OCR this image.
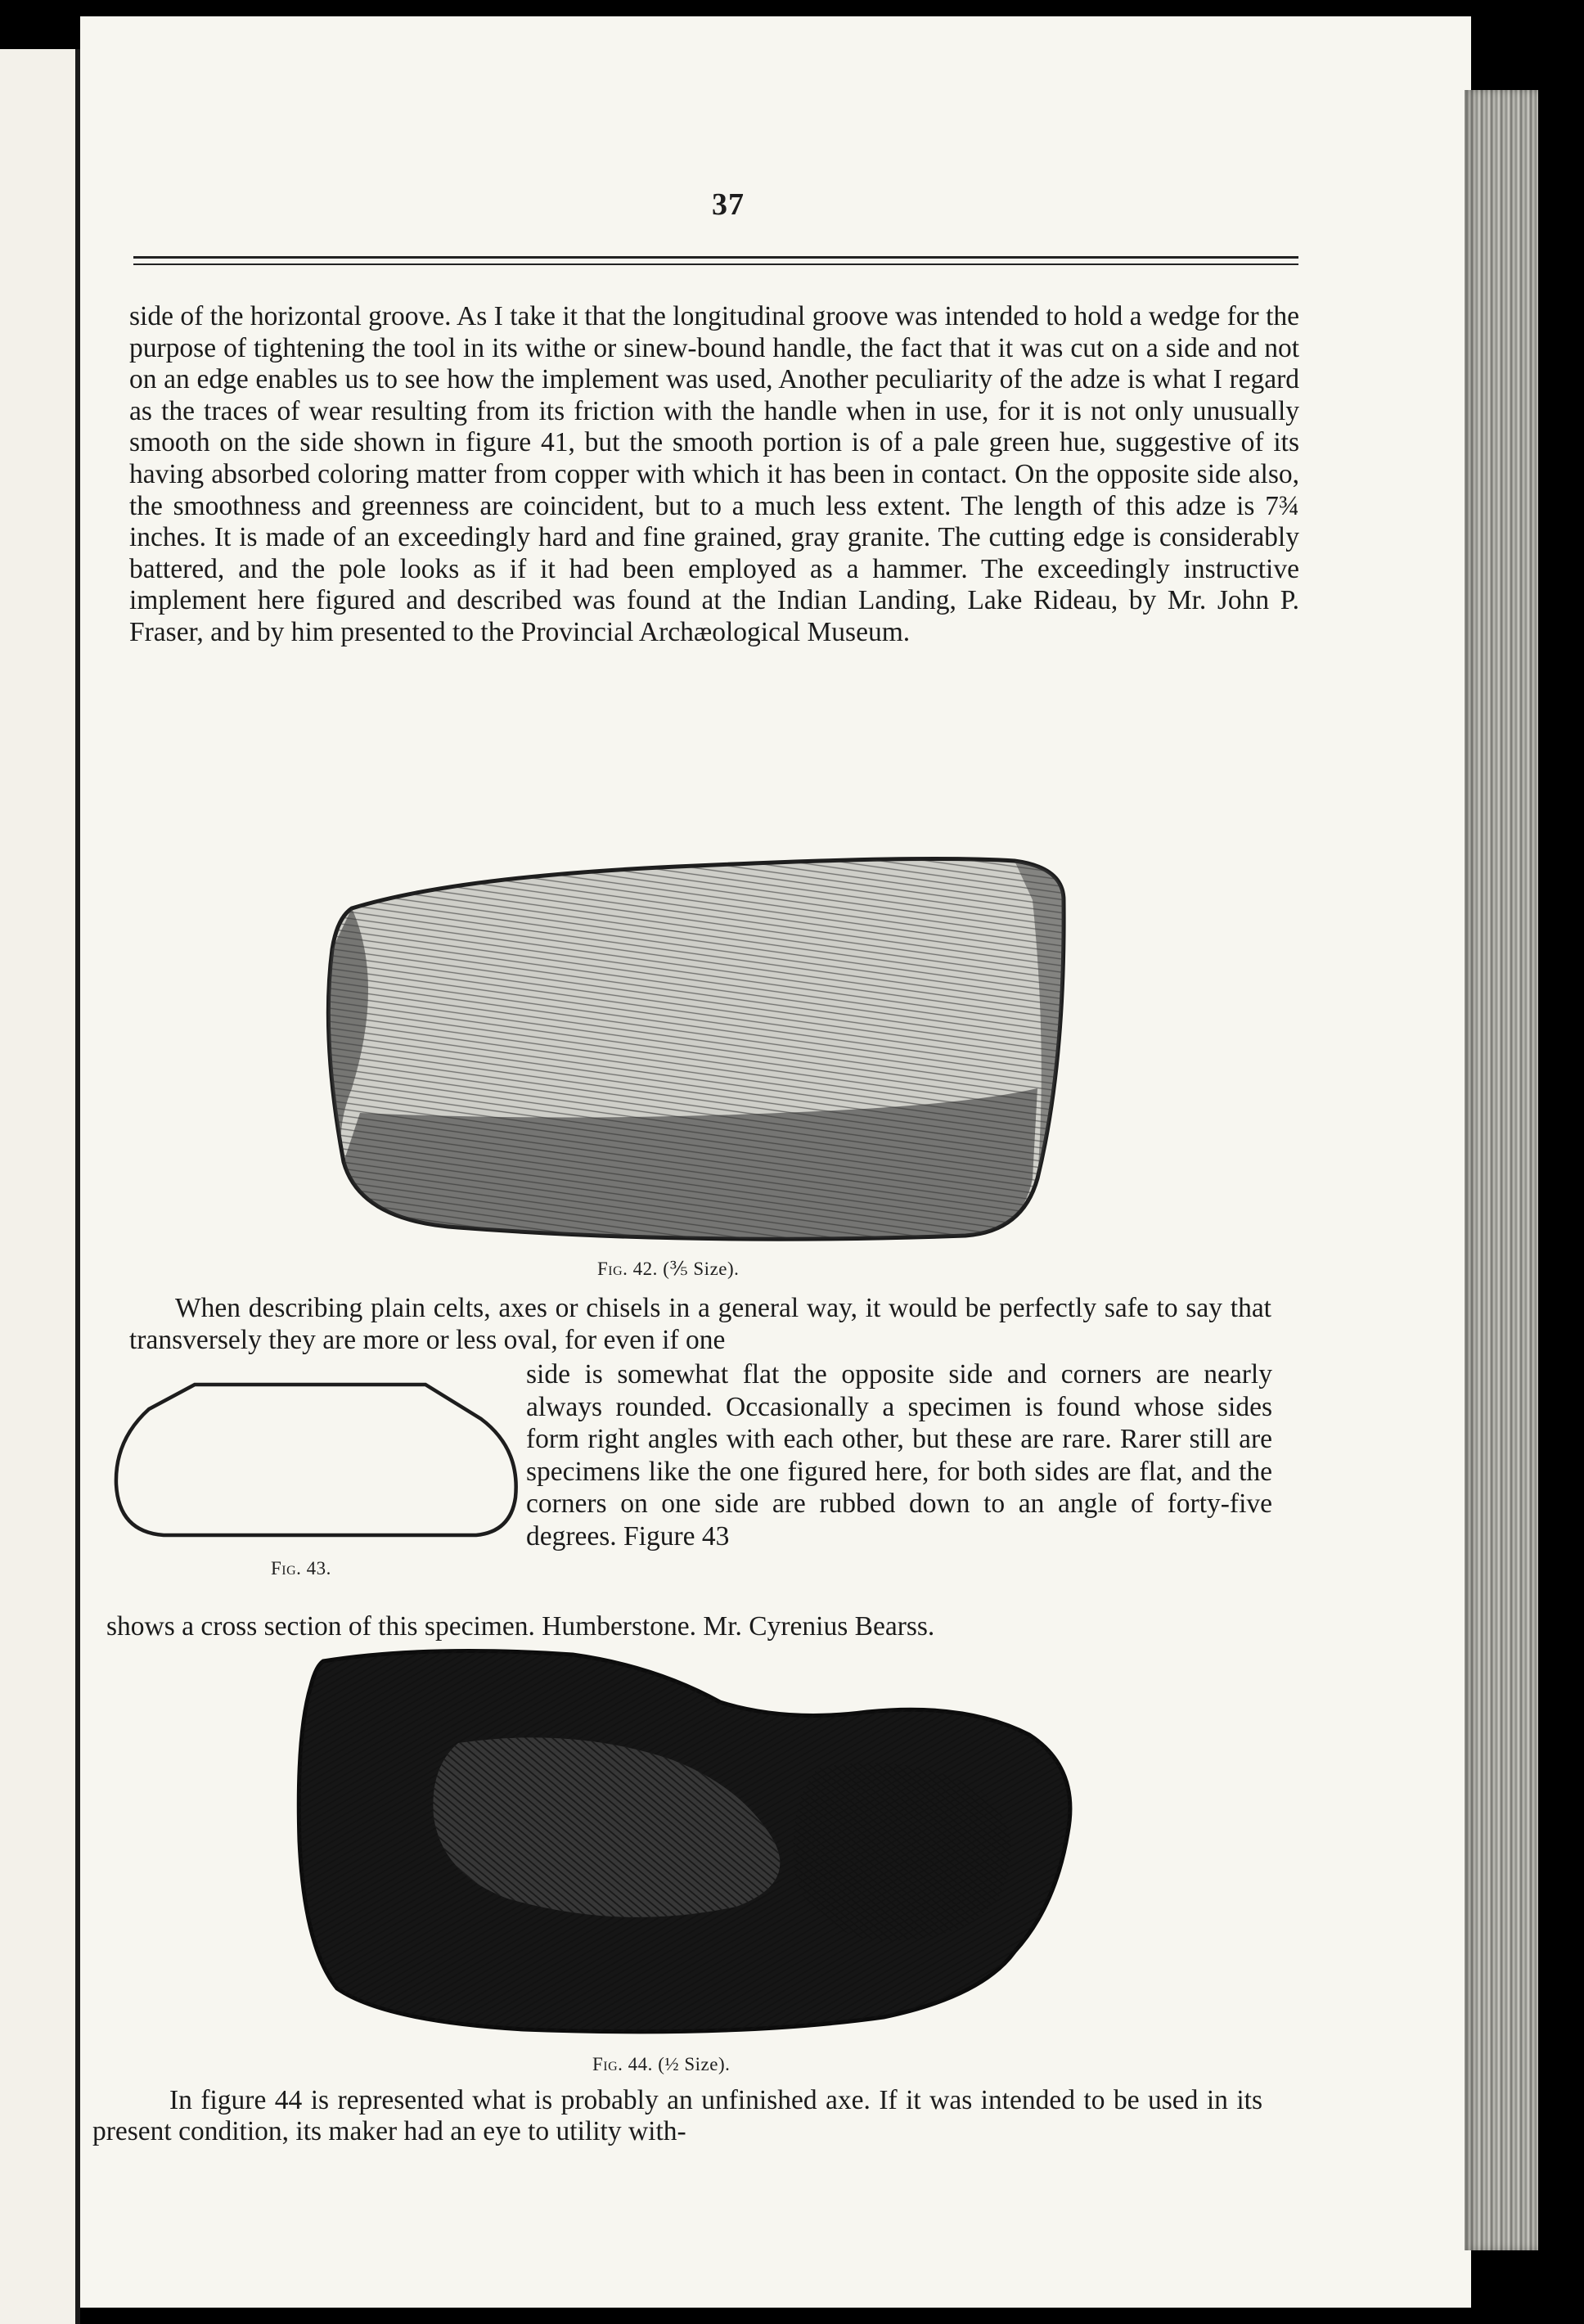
37
side of the horizontal groove. As I take it that the longitudinal groove was intended to hold a wedge for the purpose of tightening the tool in its withe or sinew-bound handle, the fact that it was cut on a side and not on an edge enables us to see how the implement was used, Another peculiarity of the adze is what I regard as the traces of wear resulting from its friction with the handle when in use, for it is not only unusually smooth on the side shown in figure 41, but the smooth portion is of a pale green hue, suggestive of its having absorbed coloring matter from copper with which it has been in contact. On the opposite side also, the smoothness and greenness are coincident, but to a much less extent. The length of this adze is 7¾ inches. It is made of an exceedingly hard and fine grained, gray granite. The cutting edge is considerably battered, and the pole looks as if it had been employed as a hammer. The exceedingly instructive implement here figured and described was found at the Indian Landing, Lake Rideau, by Mr. John P. Fraser, and by him presented to the Provincial Archæological Museum.
Fig. 42. (⅗ Size).
When describing plain celts, axes or chisels in a general way, it would be perfectly safe to say that transversely they are more or less oval, for even if one
Fig. 43.
side is somewhat flat the opposite side and corners are nearly always rounded. Occasionally a specimen is found whose sides form right angles with each other, but these are rare. Rarer still are specimens like the one figured here, for both sides are flat, and the corners on one side are rubbed down to an angle of forty-five degrees. Figure 43
shows a cross section of this specimen. Humberstone. Mr. Cyrenius Bearss.
Fig. 44. (½ Size).
In figure 44 is represented what is probably an unfinished axe. If it was intended to be used in its present condition, its maker had an eye to utility with-
